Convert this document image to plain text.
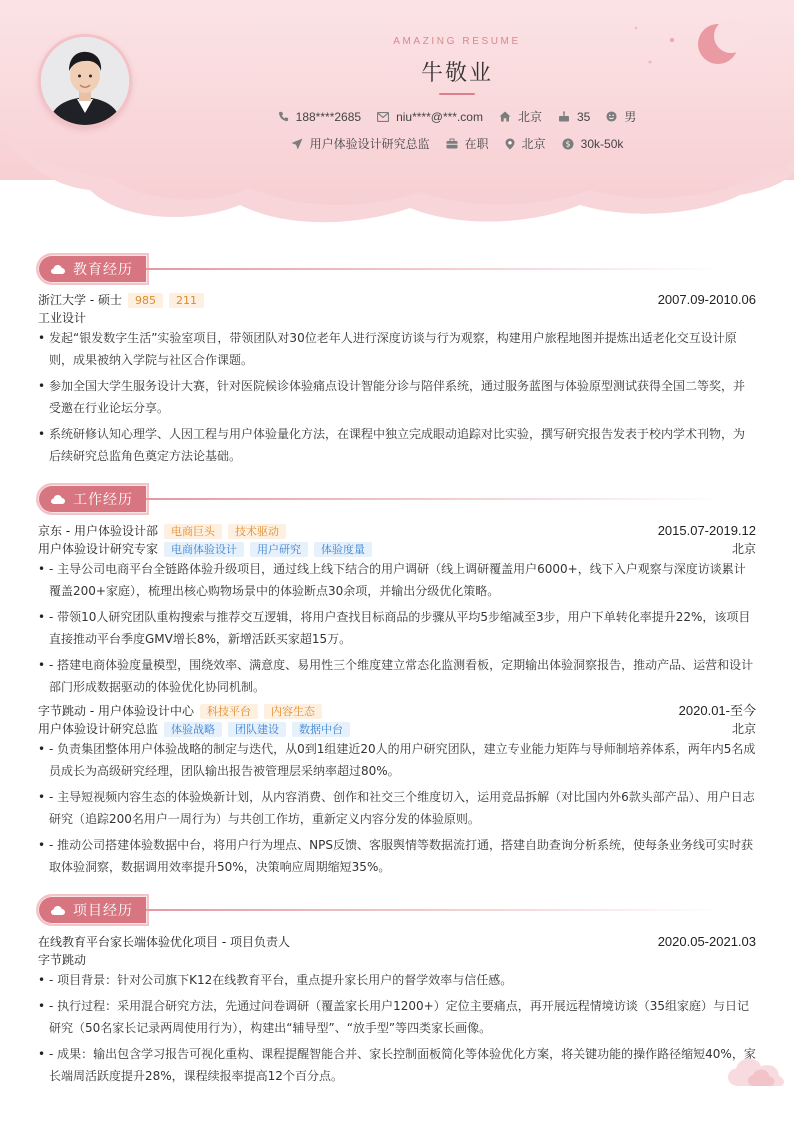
AMAZING RESUME
牛敬业
188****2685	niu****@***.com	北京	35	男
用户体验设计研究总监	在职	北京	$ 30k-50k
教育经历
浙江大学 - 硕士	985	211	2007.09-2010.06
工业设计
• 发起“银发数字生活”实验室项目，带领团队对30位老年人进行深度访谈与行为观察，构建用户旅程地图并提炼出适老化交互设计原则，成果被纳入学院与社区合作课题。
• 参加全国大学生服务设计大赛，针对医院候诊体验痛点设计智能分诊与陪伴系统，通过服务蓝图与体验原型测试获得全国二等奖，并受邀在行业论坛分享。
• 系统研修认知心理学、人因工程与用户体验量化方法，在课程中独立完成眼动追踪对比实验，撰写研究报告发表于校内学术刊物，为后续研究总监角色奠定方法论基础。
工作经历
京东 - 用户体验设计部	电商巨头	技术驱动	2015.07-2019.12
用户体验设计研究专家	电商体验设计	用户研究	体验度量	北京
• - 主导公司电商平台全链路体验升级项目，通过线上线下结合的用户调研（线上调研覆盖用户6000+，线下入户观察与深度访谈累计覆盖200+家庭），梳理出核心购物场景中的体验断点30余项，并输出分级优化策略。
• - 带领10人研究团队重构搜索与推荐交互逻辑，将用户查找目标商品的步骤从平均5步缩减至3步，用户下单转化率提升22%，该项目直接推动平台季度GMV增长8%，新增活跃买家超15万。
• - 搭建电商体验度量模型，围绕效率、满意度、易用性三个维度建立常态化监测看板，定期输出体验洞察报告，推动产品、运营和设计部门形成数据驱动的体验优化协同机制。
字节跳动 - 用户体验设计中心	科技平台	内容生态	2020.01-至今
用户体验设计研究总监	体验战略	团队建设	数据中台	北京
• - 负责集团整体用户体验战略的制定与迭代，从0到1组建近20人的用户研究团队，建立专业能力矩阵与导师制培养体系，两年内5名成员成长为高级研究经理，团队输出报告被管理层采纳率超过80%。
• - 主导短视频内容生态的体验焕新计划，从内容消费、创作和社交三个维度切入，运用竞品拆解（对比国内外6款头部产品）、用户日志研究（追踪200名用户一周行为）与共创工作坊，重新定义内容分发的体验原则。
• - 推动公司搭建体验数据中台，将用户行为埋点、NPS反馈、客服舆情等数据流打通，搭建自助查询分析系统，使每条业务线可实时获取体验洞察，数据调用效率提升50%，决策响应周期缩短35%。
项目经历
在线教育平台家长端体验优化项目 - 项目负责人	2020.05-2021.03
字节跳动
• - 项目背景：针对公司旗下K12在线教育平台，重点提升家长用户的督学效率与信任感。
• - 执行过程：采用混合研究方法，先通过问卷调研（覆盖家长用户1200+）定位主要痛点，再开展远程情境访谈（35组家庭）与日记研究（50名家长记录两周使用行为），构建出“辅导型”、“放手型”等四类家长画像。
• - 成果：输出包含学习报告可视化重构、课程提醒智能合并、家长控制面板简化等体验优化方案，将关键功能的操作路径缩短40%，家长端周活跃度提升28%，课程续报率提高12个百分点。
